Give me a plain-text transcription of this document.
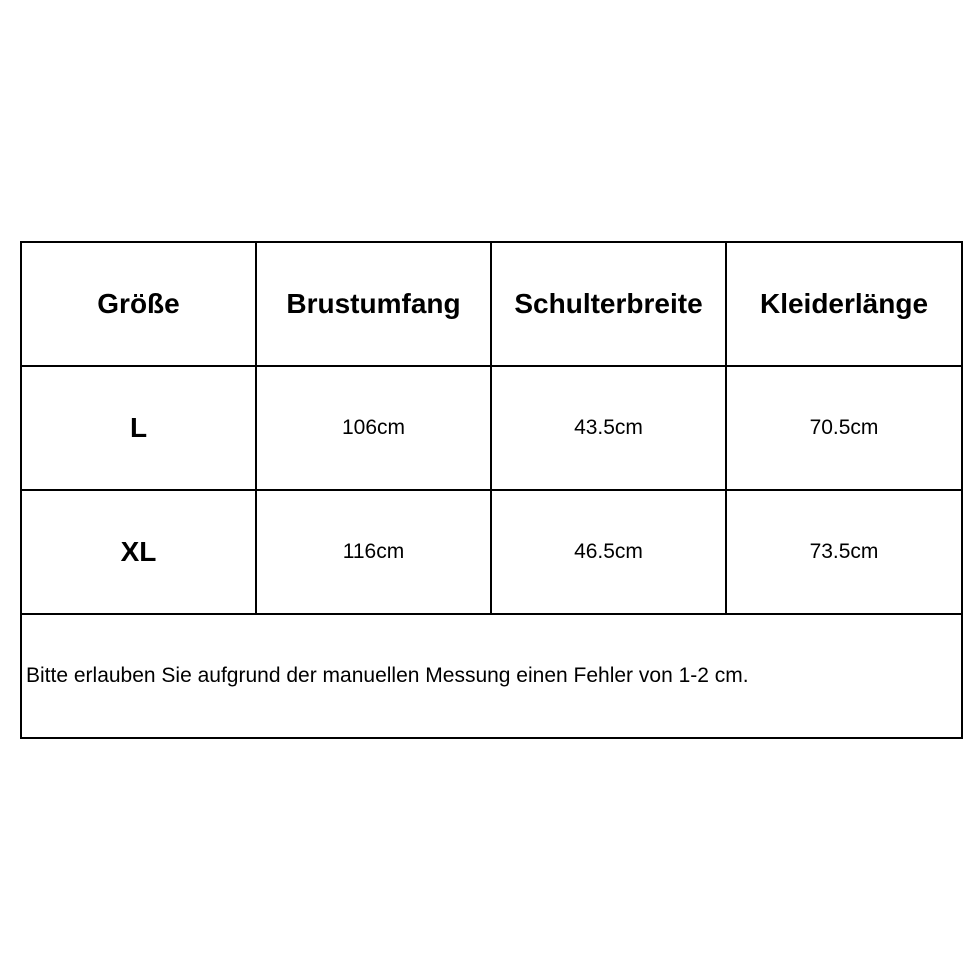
Größe	Brustumfang	Schulterbreite	Kleiderlänge
L	106cm	43.5cm	70.5cm
XL	116cm	46.5cm	73.5cm
Bitte erlauben Sie aufgrund der manuellen Messung einen Fehler von 1-2 cm.			
